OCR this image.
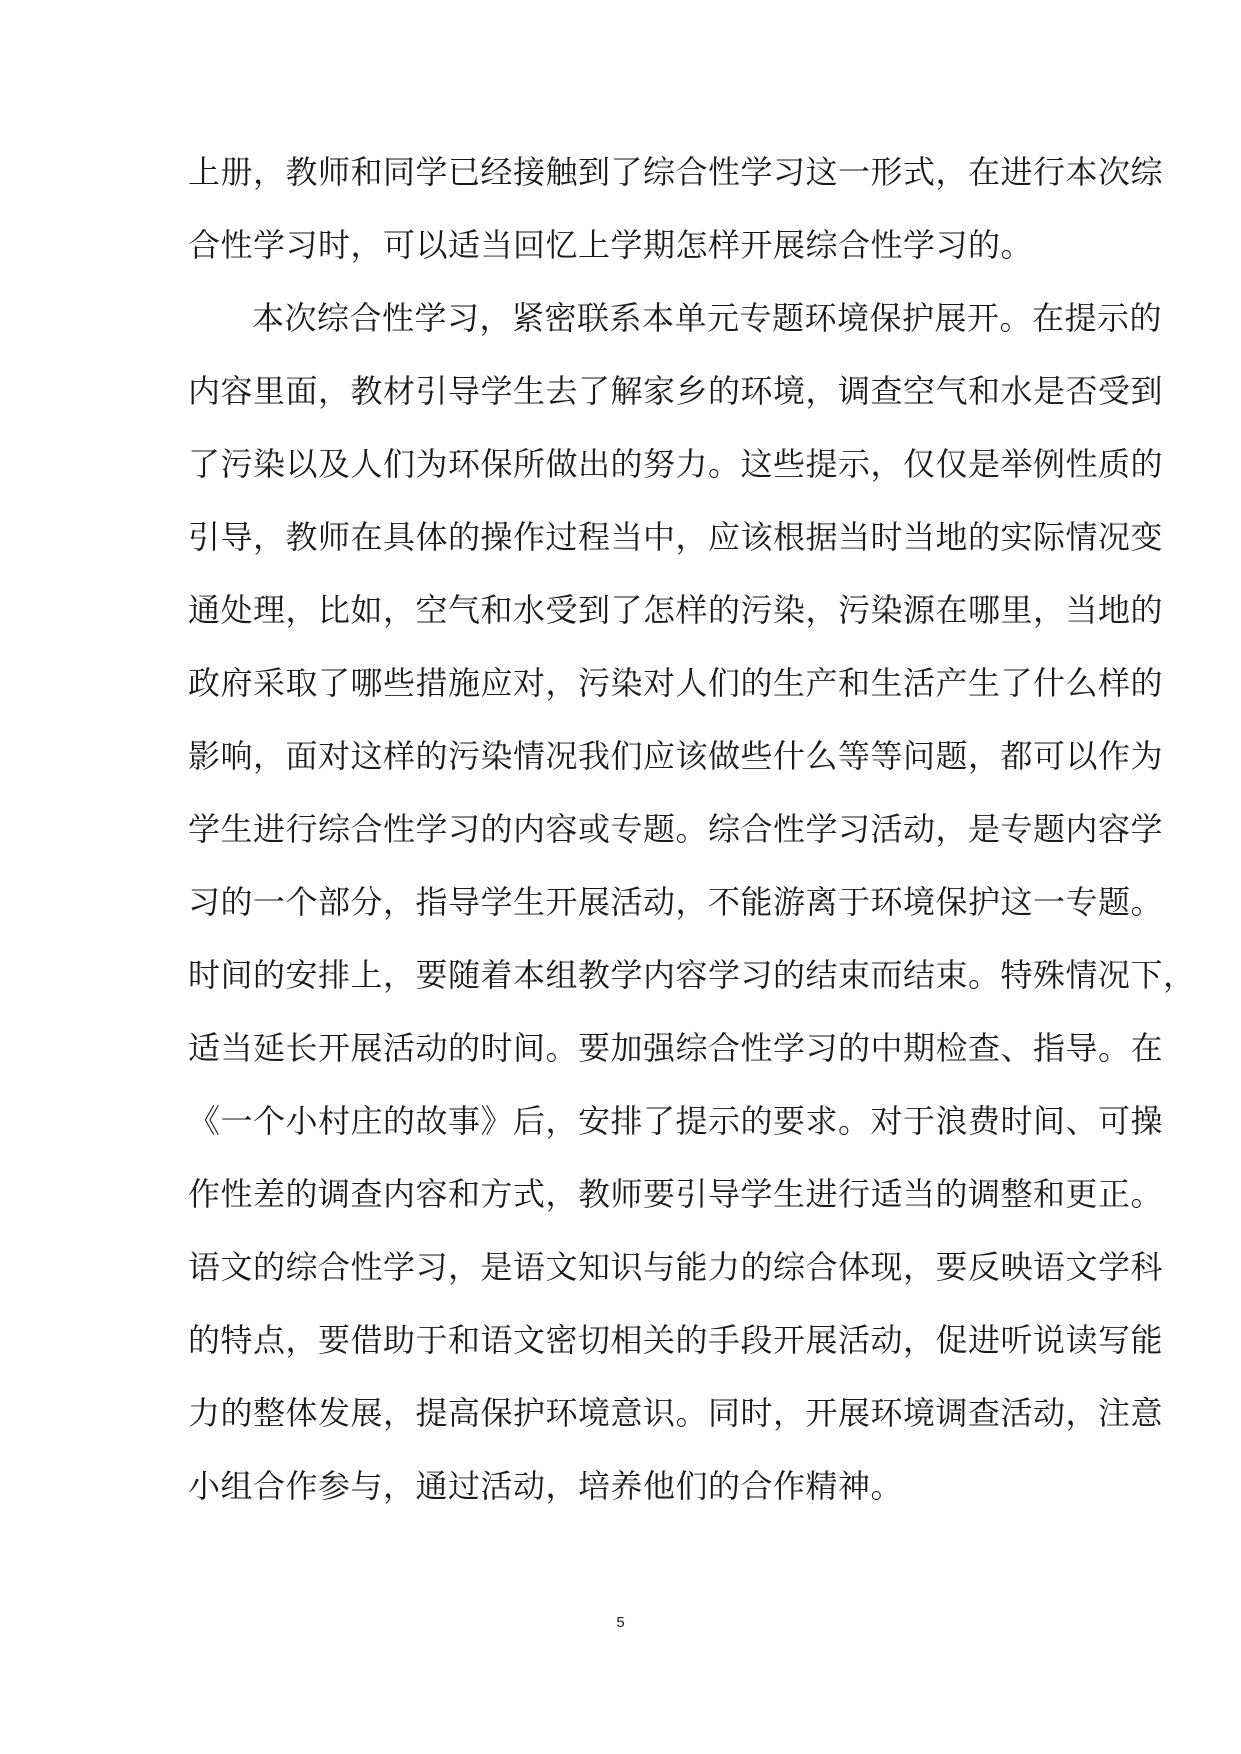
上册，教师和同学已经接触到了综合性学习这一形式，在进行本次综
合性学习时，可以适当回忆上学期怎样开展综合性学习的。
本次综合性学习，紧密联系本单元专题环境保护展开。在提示的
内容里面，教材引导学生去了解家乡的环境，调查空气和水是否受到
了污染以及人们为环保所做出的努力。这些提示，仅仅是举例性质的
引导，教师在具体的操作过程当中，应该根据当时当地的实际情况变
通处理，比如，空气和水受到了怎样的污染，污染源在哪里，当地的
政府采取了哪些措施应对，污染对人们的生产和生活产生了什么样的
影响，面对这样的污染情况我们应该做些什么等等问题，都可以作为
学生进行综合性学习的内容或专题。综合性学习活动，是专题内容学
习的一个部分，指导学生开展活动，不能游离于环境保护这一专题。
时间的安排上，要随着本组教学内容学习的结束而结束。特殊情况下，
适当延长开展活动的时间。要加强综合性学习的中期检查、指导。在
《一个小村庄的故事》后，安排了提示的要求。对于浪费时间、可操
作性差的调查内容和方式，教师要引导学生进行适当的调整和更正。
语文的综合性学习，是语文知识与能力的综合体现，要反映语文学科
的特点，要借助于和语文密切相关的手段开展活动，促进听说读写能
力的整体发展，提高保护环境意识。同时，开展环境调查活动，注意
小组合作参与，通过活动，培养他们的合作精神。
5
